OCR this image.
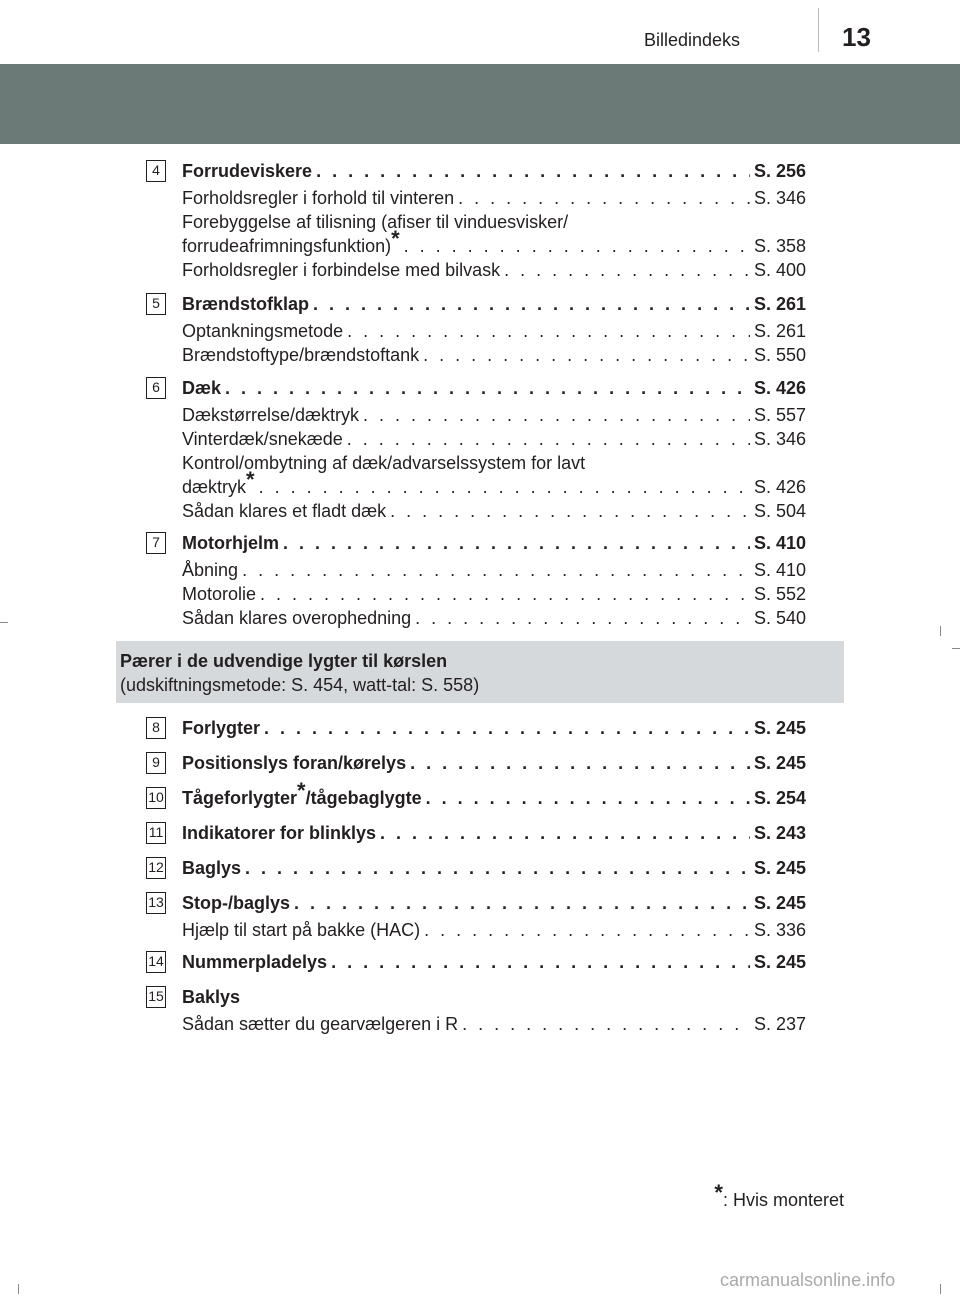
Billedindeks	13
4	Forrudeviskere . . .	S. 256
Forholdsregler i forhold til vinteren . . .	S. 346
Forebyggelse af tilisning (afiser til vinduesvisker/
forrudeafrimningsfunktion)* . . .	S. 358
Forholdsregler i forbindelse med bilvask . . .	S. 400
5	Brændstofklap . . .	S. 261
Optankningsmetode . . .	S. 261
Brændstoftype/brændstoftank . . .	S. 550
6	Dæk . . .	S. 426
Dækstørrelse/dæktryk . . .	S. 557
Vinterdæk/snekæde . . .	S. 346
Kontrol/ombytning af dæk/advarselssystem for lavt
dæktryk* . . .	S. 426
Sådan klares et fladt dæk . . .	S. 504
7	Motorhjelm . . .	S. 410
Åbning . . .	S. 410
Motorolie . . .	S. 552
Sådan klares overophedning . . .	S. 540
Pærer i de udvendige lygter til kørslen
(udskiftningsmetode: S. 454, watt-tal: S. 558)
8	Forlygter . . .	S. 245
9	Positionslys foran/kørelys . . .	S. 245
10 Tågeforlygter*/tågebaglygte . . .	S. 254
11 Indikatorer for blinklys . . .	S. 243
12 Baglys . . .	S. 245
13 Stop-/baglys . . .	S. 245
Hjælp til start på bakke (HAC) . . .	S. 336
14 Nummerpladelys . . .	S. 245
15 Baklys
Sådan sætter du gearvælgeren i R . . .	S. 237
*: Hvis monteret
carmanualsonline.info
